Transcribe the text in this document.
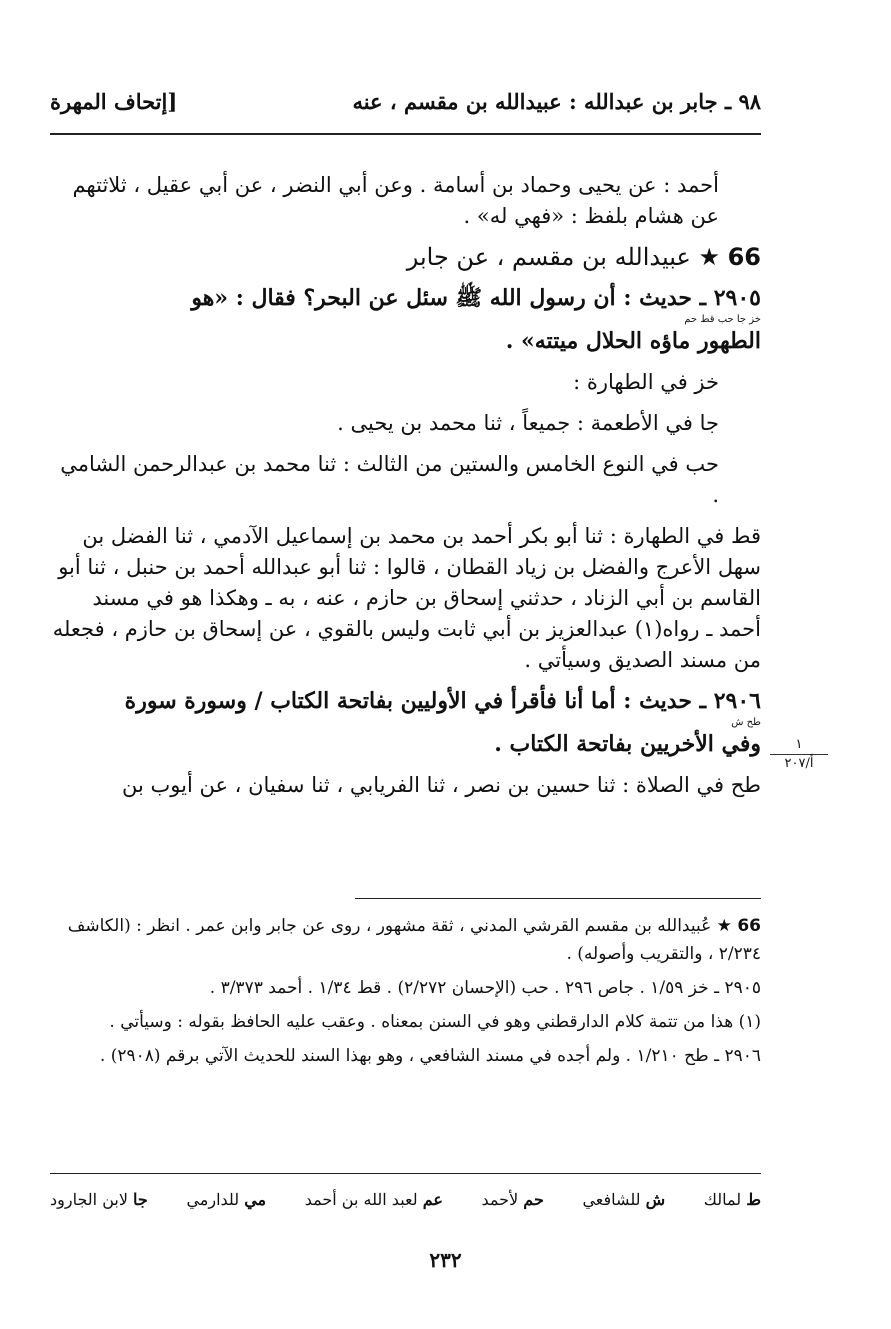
٩٨ ـ جابر بن عبدالله : عبيدالله بن مقسم ، عنه
[إتحاف المهرة

أحمد : عن يحيى وحماد بن أسامة . وعن أبي النضر ، عن أبي عقيل ، ثلاثتهم عن هشام بلفظ : «فهي له» .

66 ★ عبيدالله بن مقسم ، عن جابر

٢٩٠٥ ـ حديث : أن رسول الله ﷺ سئل عن البحر؟ فقال : «هو

خز جا حب قط حم

الطهور ماؤه الحلال ميتته» .

خز في الطهارة :

جا في الأطعمة : جميعاً ، ثنا محمد بن يحيى .

حب في النوع الخامس والستين من الثالث : ثنا محمد بن عبدالرحمن الشامي .

قط في الطهارة : ثنا أبو بكر أحمد بن محمد بن إسماعيل الآدمي ، ثنا الفضل بن سهل الأعرج والفضل بن زياد القطان ، قالوا : ثنا أبو عبدالله أحمد بن حنبل ، ثنا أبو القاسم بن أبي الزناد ، حدثني إسحاق بن حازم ، عنه ، به ـ وهكذا هو في مسند أحمد ـ رواه(١) عبدالعزيز بن أبي ثابت وليس بالقوي ، عن إسحاق بن حازم ، فجعله من مسند الصديق وسيأتي .

٢٩٠٦ ـ حديث : أما أنا فأقرأ في الأوليين بفاتحة الكتاب / وسورة سورة

طح ش

وفي الأخريين بفاتحة الكتاب .

طح في الصلاة : ثنا حسين بن نصر ، ثنا الفريابي ، ثنا سفيان ، عن أيوب بن

١
أ/٢٠٧

66 ★ عُبيدالله بن مقسم القرشي المدني ، ثقة مشهور ، روى عن جابر وابن عمر . انظر : (الكاشف ٢/٢٣٤ ، والتقريب وأصوله) .

٢٩٠٥ ـ خز ١/٥٩ . جاص ٢٩٦ . حب (الإحسان ٢/٢٧٢) . قط ١/٣٤ . أحمد ٣/٣٧٣ .

(١) هذا من تتمة كلام الدارقطني وهو في السنن بمعناه . وعقب عليه الحافظ بقوله : وسيأتي .

٢٩٠٦ ـ طح ١/٢١٠ . ولم أجده في مسند الشافعي ، وهو بهذا السند للحديث الآتي برقم (٢٩٠٨) .

ط لمالك
ش للشافعي
حم لأحمد
عم لعبد الله بن أحمد
مي للدارمي
جا لابن الجارود
٢٣٢
